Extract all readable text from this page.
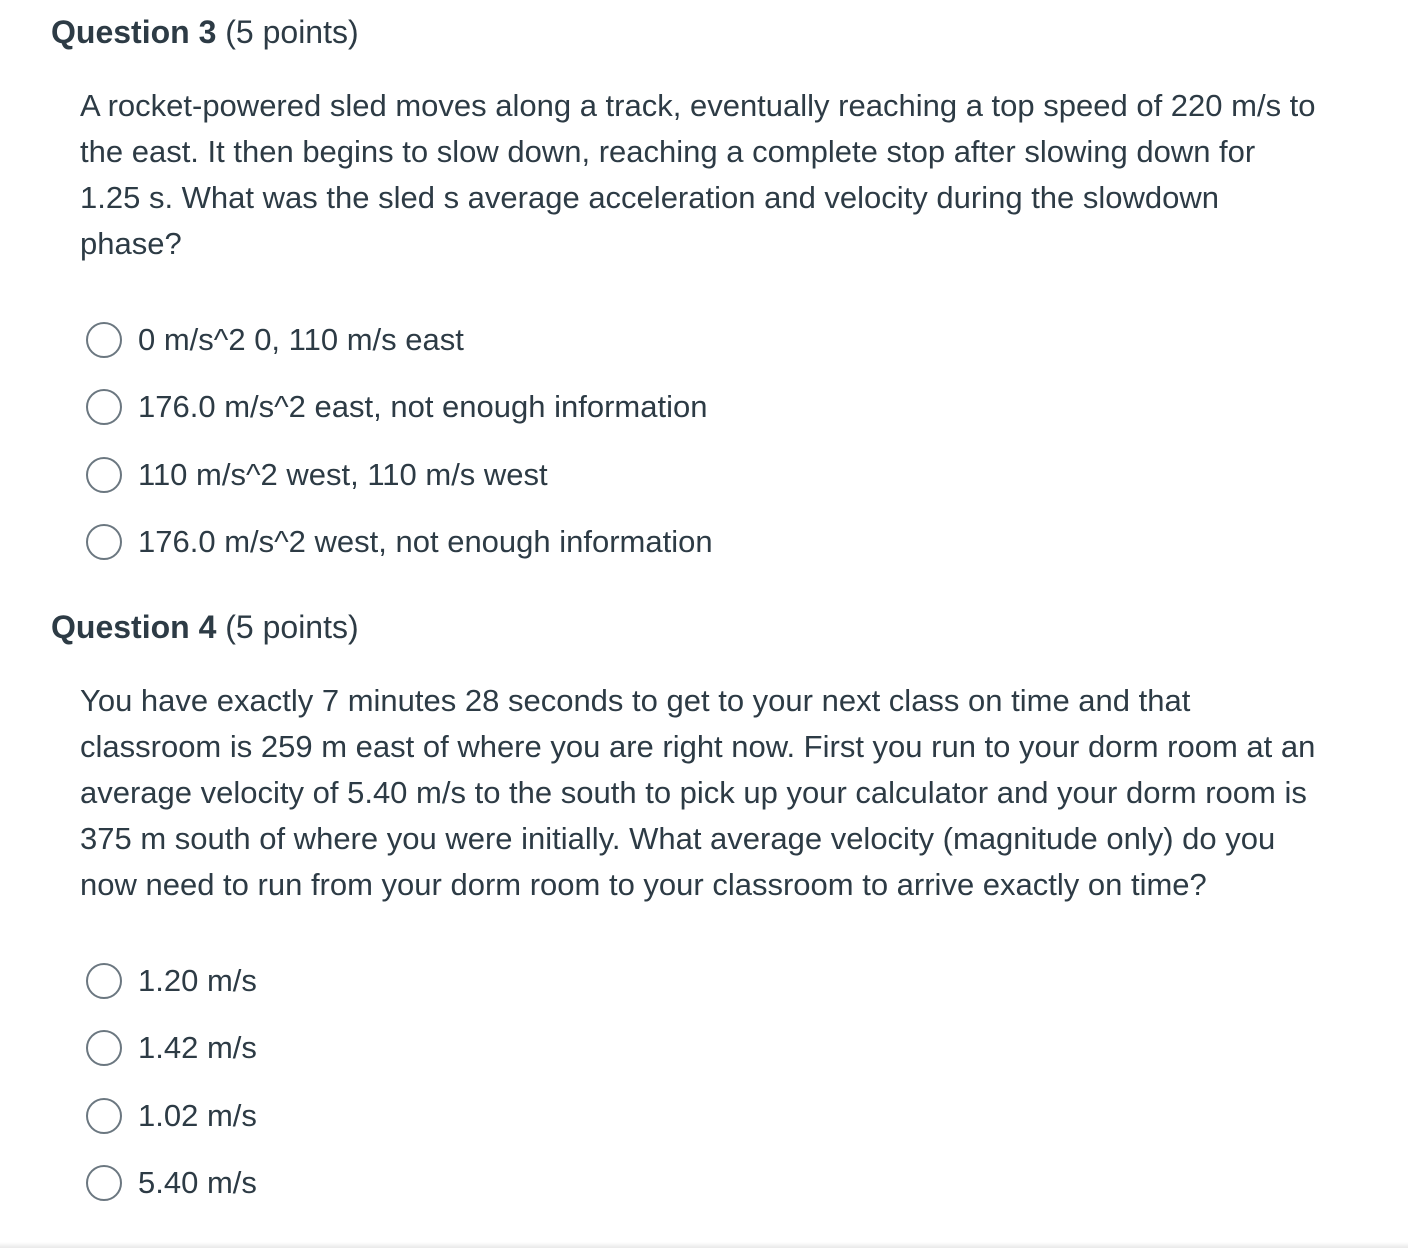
Question 3 (5 points)
A rocket-powered sled moves along a track, eventually reaching a top speed of 220 m/s to the east. It then begins to slow down, reaching a complete stop after slowing down for 1.25 s. What was the sled s average acceleration and velocity during the slowdown phase?
0 m/s^2 0, 110 m/s east
176.0 m/s^2 east, not enough information
110 m/s^2 west, 110 m/s west
176.0 m/s^2 west, not enough information
Question 4 (5 points)
You have exactly 7 minutes 28 seconds to get to your next class on time and that classroom is 259 m east of where you are right now. First you run to your dorm room at an average velocity of 5.40 m/s to the south to pick up your calculator and your dorm room is 375 m south of where you were initially. What average velocity (magnitude only) do you now need to run from your dorm room to your classroom to arrive exactly on time?
1.20 m/s
1.42 m/s
1.02 m/s
5.40 m/s
